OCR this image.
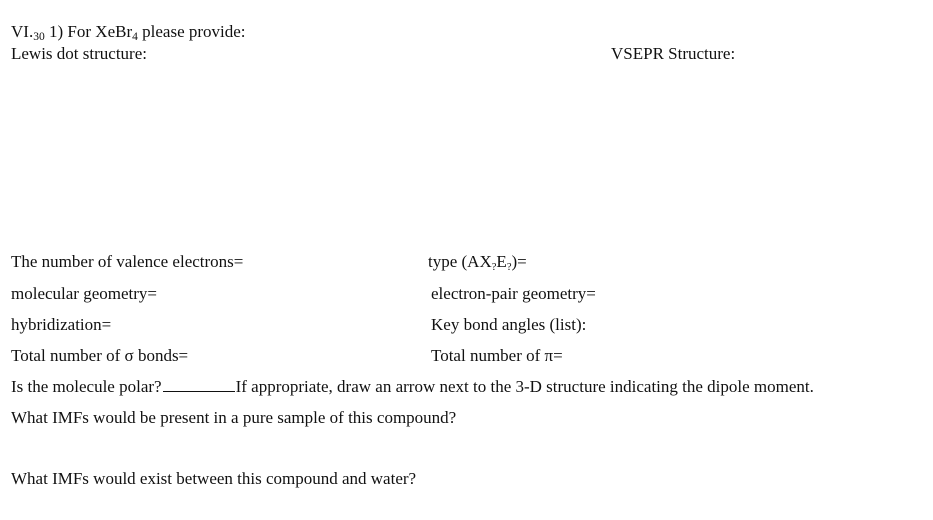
$VI._{30}$ 1) For XeBr$_4$ please provide:
Lewis dot structure:	VSEPR Structure:
The number of valence electrons=
molecular geometry=
hybridization=
Total number of σ bonds=
type (AX?E?)=
electron-pair geometry=
Key bond angles (list):
Total number of π=
Is the molecule polar?	If appropriate, draw an arrow next to the 3-D structure indicating the dipole moment.
What IMFs would be present in a pure sample of this compound?
What IMFs would exist between this compound and water?
